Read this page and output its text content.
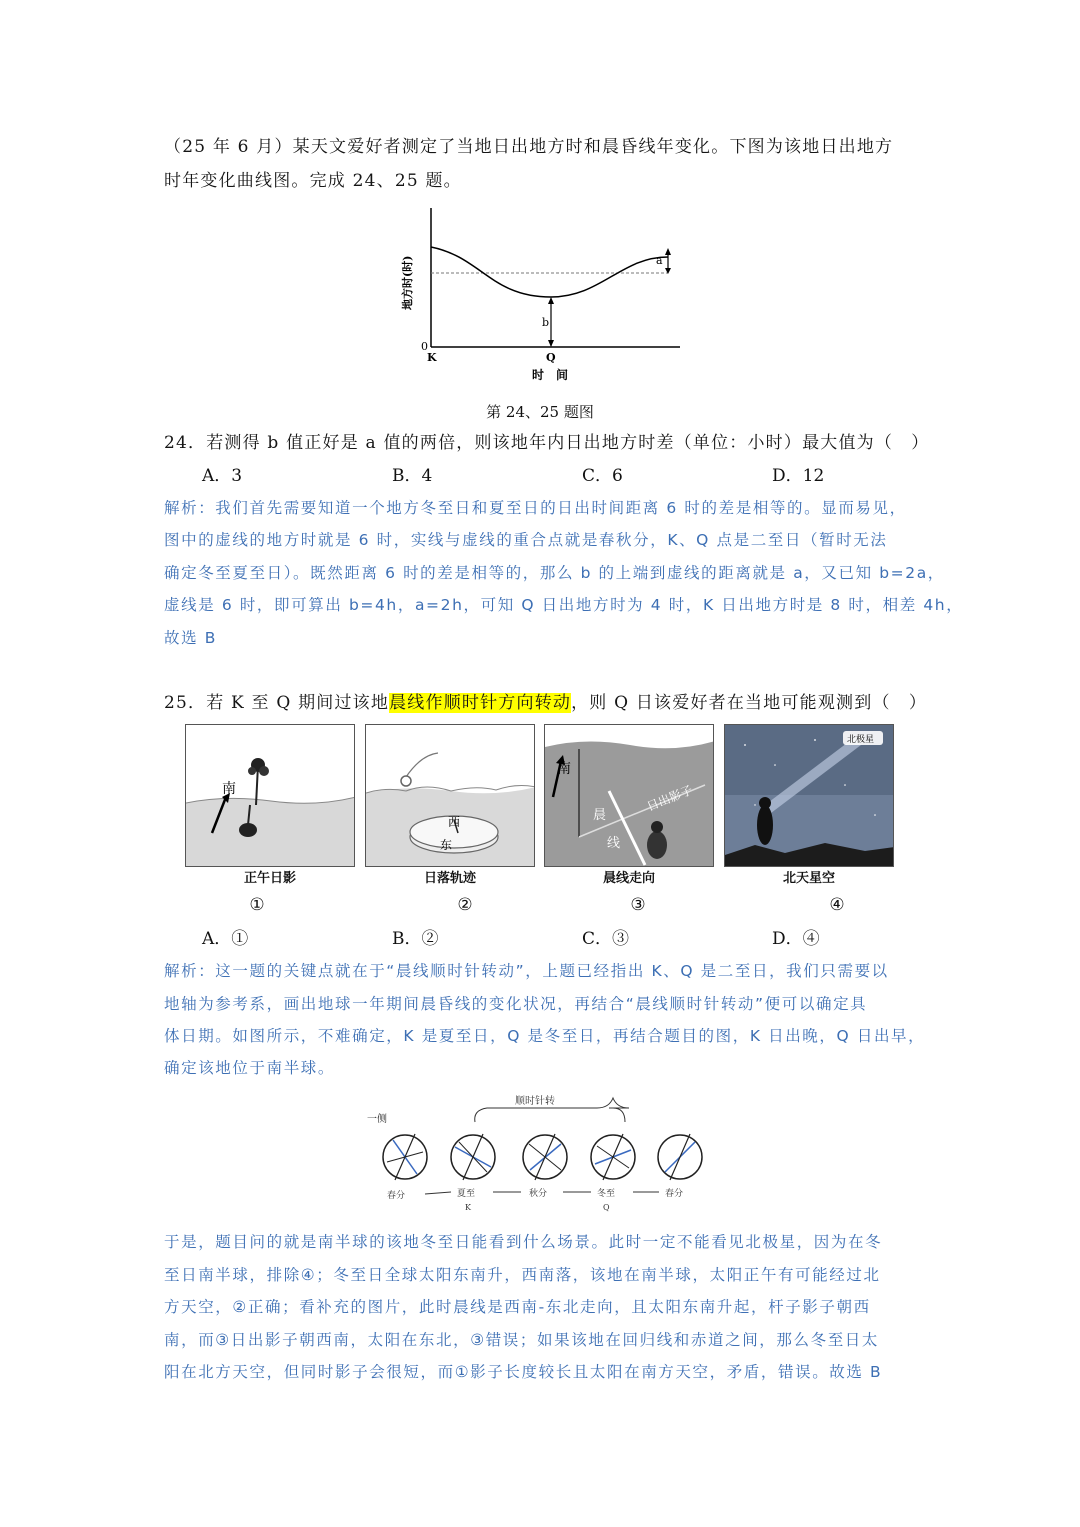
（25 年 6 月）某天文爱好者测定了当地日出地方时和晨昏线年变化。下图为该地日出地方
时年变化曲线图。完成 24、25 题。
a
b
0
K	Q
时　间
地方时(时)
第 24、25 题图
24．若测得 b 值正好是 a 值的两倍，则该地年内日出地方时差（单位：小时）最大值为（　）
A．3	B．4	C．6	D．12
解析：我们首先需要知道一个地方冬至日和夏至日的日出时间距离 6 时的差是相等的。显而易见，
图中的虚线的地方时就是 6 时，实线与虚线的重合点就是春秋分，K、Q 点是二至日（暂时无法
确定冬至夏至日）。既然距离 6 时的差是相等的，那么 b 的上端到虚线的距离就是 a，又已知 b=2a，
虚线是 6 时，即可算出 b=4h，a=2h，可知 Q 日出地方时为 4 时，K 日出地方时是 8 时，相差 4h，
故选 B
25．若 K 至 Q 期间过该地晨线作顺时针方向转动，则 Q 日该爱好者在当地可能观测到（　）
南
西
东
南
晨
线
日出影子
北极星
正午日影	日落轨迹	晨线走向	北天星空
①	②	③	④
A．①	B．②	C．③	D．④
解析：这一题的关键点就在于“晨线顺时针转动”，上题已经指出 K、Q 是二至日，我们只需要以
地轴为参考系，画出地球一年期间晨昏线的变化状况，再结合“晨线顺时针转动”便可以确定具
体日期。如图所示，不难确定，K 是夏至日，Q 是冬至日，再结合题目的图，K 日出晚，Q 日出早，
确定该地位于南半球。
一侧
顺时针转
春分	夏至
K
秋分	冬至
Q
春分
于是，题目问的就是南半球的该地冬至日能看到什么场景。此时一定不能看见北极星，因为在冬
至日南半球，排除④；冬至日全球太阳东南升，西南落，该地在南半球，太阳正午有可能经过北
方天空，②正确；看补充的图片，此时晨线是西南-东北走向，且太阳东南升起，杆子影子朝西
南，而③日出影子朝西南，太阳在东北，③错误；如果该地在回归线和赤道之间，那么冬至日太
阳在北方天空，但同时影子会很短，而①影子长度较长且太阳在南方天空，矛盾，错误。故选 B
